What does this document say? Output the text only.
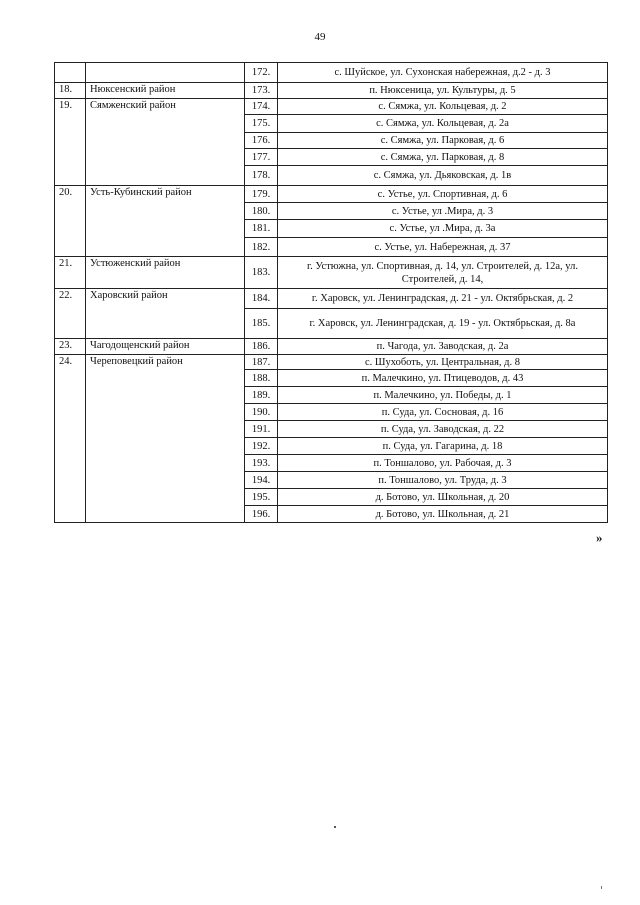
49
		172.	с. Шуйское, ул. Сухонская набережная, д.2 - д. 3
18.	Нюксенский район	173.	п. Нюксеница, ул. Культуры, д. 5
19.	Сямженский район	174.	с. Сямжа, ул. Кольцевая, д. 2
		175.	с. Сямжа, ул. Кольцевая, д. 2а
		176.	с. Сямжа, ул. Парковая, д. 6
		177.	с. Сямжа, ул. Парковая, д. 8
		178.	с. Сямжа, ул. Дьяковская, д. 1в
20.	Усть-Кубинский район	179.	с. Устье, ул. Спортивная, д. 6
		180.	с. Устье, ул .Мира, д. 3
		181.	с. Устье, ул .Мира, д. 3а
		182.	с. Устье, ул. Набережная, д. 37
21.	Устюженский район	183.	г. Устюжна, ул. Спортивная, д. 14, ул. Строителей, д. 12а, ул. Строителей, д. 14,
22.	Харовский район	184.	г. Харовск, ул. Ленинградская, д. 21 - ул. Октябрьская, д. 2
		185.	г. Харовск, ул. Ленинградская, д. 19 - ул. Октябрьская, д. 8а
23.	Чагодощенский район	186.	п. Чагода, ул. Заводская, д. 2а
24.	Череповецкий район	187.	с. Шухоботь, ул. Центральная, д. 8
		188.	п. Малечкино, ул. Птицеводов, д. 43
		189.	п. Малечкино, ул. Победы, д. 1
		190.	п. Суда, ул. Сосновая, д. 16
		191.	п. Суда, ул. Заводская, д. 22
		192.	п. Суда, ул. Гагарина, д. 18
		193.	п. Тоншалово, ул. Рабочая, д. 3
		194.	п. Тоншалово, ул. Труда, д. 3
		195.	д. Ботово, ул. Школьная, д. 20
		196.	д. Ботово, ул. Школьная, д. 21
»
